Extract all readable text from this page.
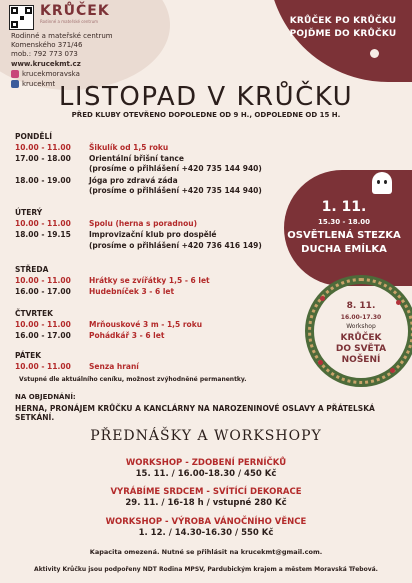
KRŮČEK
Rodinné a mateřské centrum
Rodinné a mateřské centrum
Komenského 371/46
mob.: 792 773 073
www.krucekmt.cz
krucekmoravska
krucekmt
KRŮČEK PO KRŮČKU
POJĎME DO KRŮČKU
LISTOPAD V KRŮČKU
PŘED KLUBY OTEVŘENO DOPOLEDNE OD 9 H., ODPOLEDNE OD 15 H.
PONDĚLÍ
10.00 - 11.00 Šikulík od 1,5 roku
17.00 - 18.00 Orientální břišní tance
(prosíme o přihlášení +420 735 144 940)
18.00 - 19.00 Jóga pro zdravá záda
(prosíme o přihlášení +420 735 144 940)
ÚTERÝ
10.00 - 11.00 Spolu (herna s poradnou)
18.00 - 19.15 Improvizační klub pro dospělé
(prosíme o přihlášení +420 736 416 149)
STŘEDA
10.00 - 11.00 Hrátky se zvířátky 1,5 - 6 let
16.00 - 17.00 Hudebníček 3 - 6 let
ČTVRTEK
10.00 - 11.00 Mrňouskové 3 m - 1,5 roku
16.00 - 17.00 Pohádkář 3 - 6 let
PÁTEK
10.00 - 11.00 Senza hraní
Vstupné dle aktuálního ceníku, možnost zvýhodněné permanentky.
NA OBJEDNÁNÍ:
HERNA, PRONÁJEM KRŮČKU A KANCLÁRNY NA NAROZENINOVÉ OSLAVY A PŘÁTELSKÁ SETKÁNÍ.
1. 11.
15.30 - 18.00
OSVĚTLENÁ STEZKA
DUCHA EMÍLKA
8. 11.
16.00-17.30
Workshop
KRŮČEK
DO SVĚTA
NOŠENÍ
PŘEDNÁŠKY A WORKSHOPY
WORKSHOP - ZDOBENÍ PERNÍČKŮ
15. 11. / 16.00-18.30 / 450 Kč
VYRÁBÍME SRDCEM - SVÍTÍCÍ DEKORACE
29. 11. / 16-18 h / vstupné 280 Kč
WORKSHOP - VÝROBA VÁNOČNÍHO VĚNCE
1. 12. / 14.30-16.30 / 550 Kč
Kapacita omezená. Nutné se přihlásit na krucekmt@gmail.com.
Aktivity Krůčku jsou podpořeny NDT Rodina MPSV, Pardubickým krajem a městem Moravská Třebová.
